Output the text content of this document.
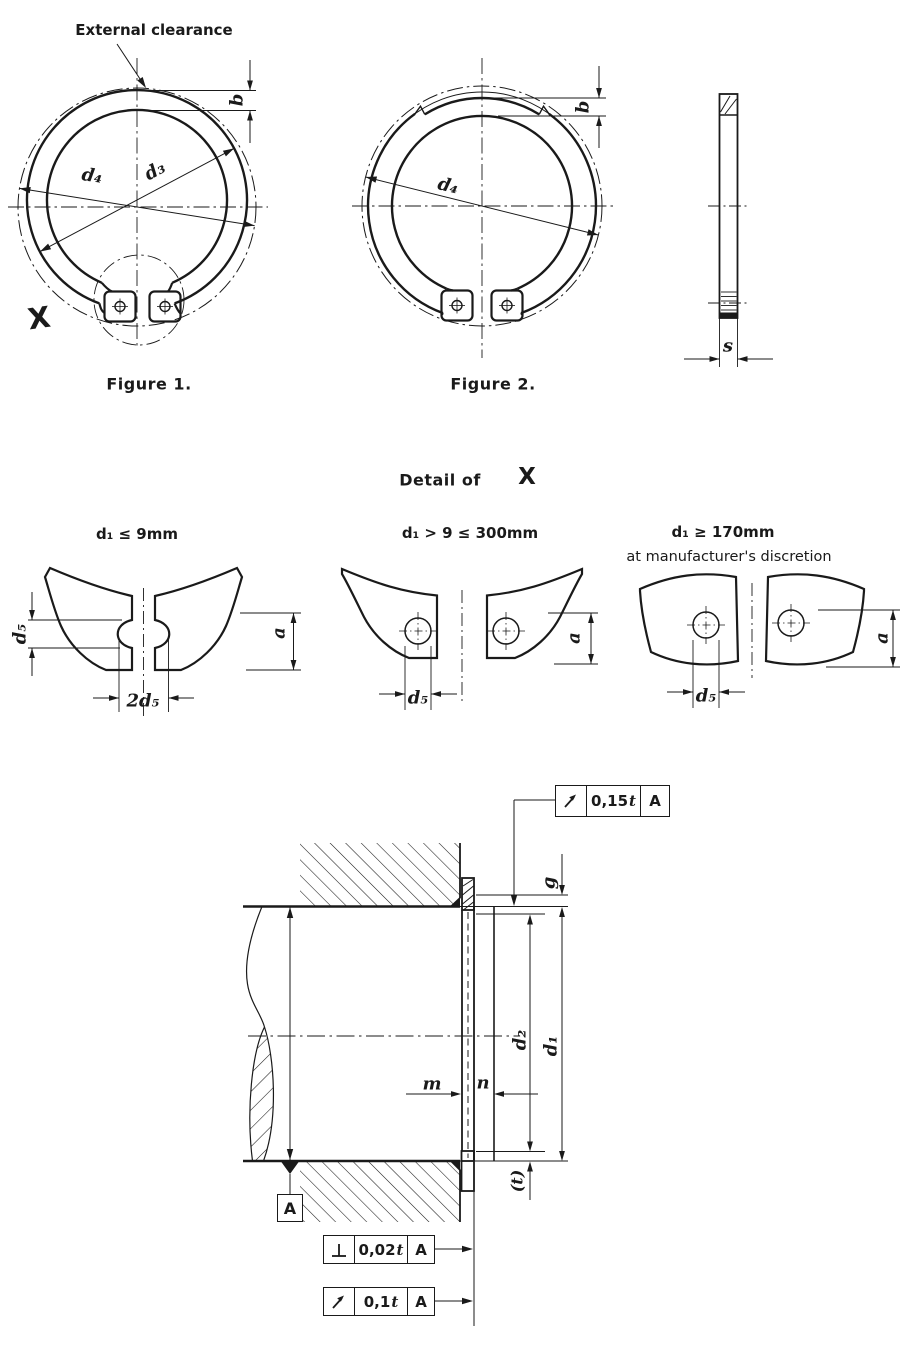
External clearance
d₄ d₃
b
X
Figure 1.
d₄
b
Figure 2.
s
Detail of X
d₁ ≤ 9mm	d₁ > 9 ≤ 300mm	d₁ ≥ 170mm
at manufacturer's discretion
d₅
2d₅
a
d₅
a
d₅
a
g
d₁
d₂
(t)
m n
0,15 t A
0,02 t A
0,1 t	A
A
